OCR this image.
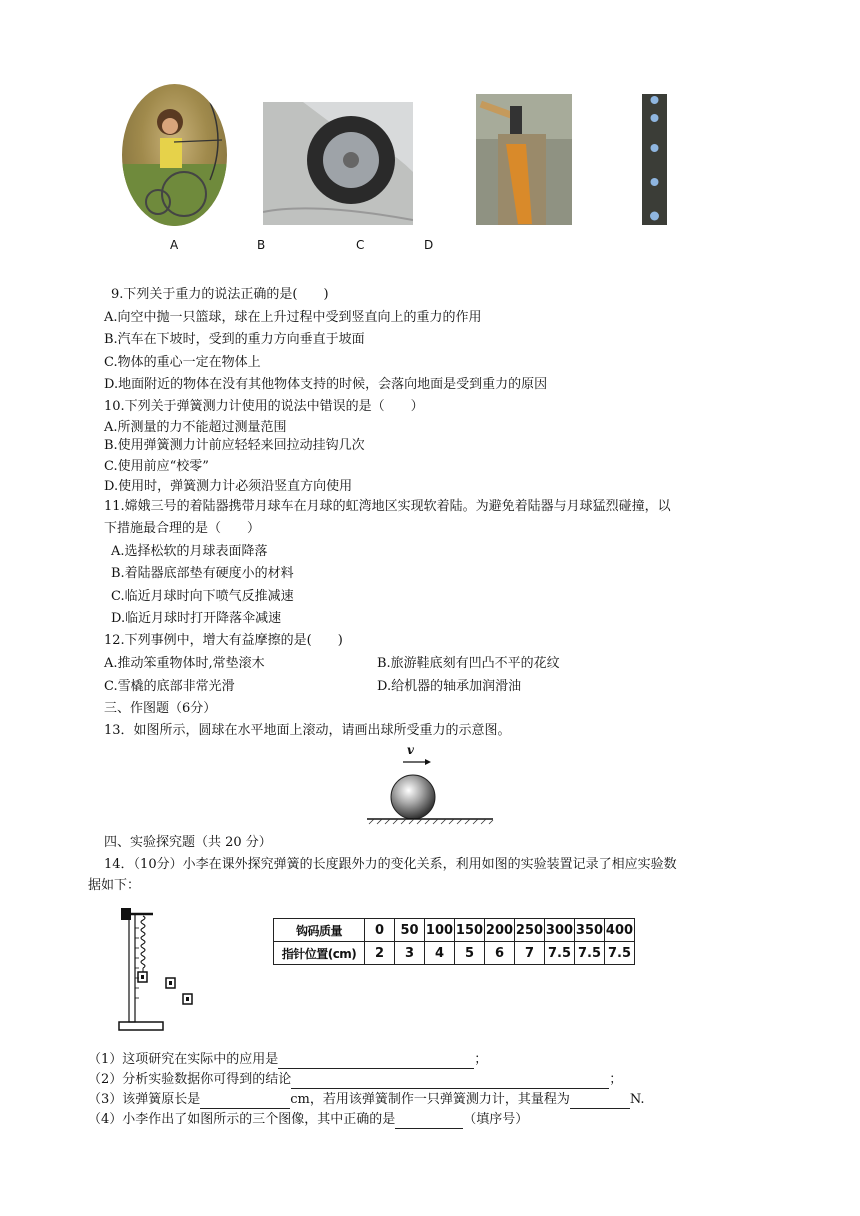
A	B	C	D
9.下列关于重力的说法正确的是(　　)
A.向空中抛一只篮球，球在上升过程中受到竖直向上的重力的作用
B.汽车在下坡时，受到的重力方向垂直于坡面
C.物体的重心一定在物体上
D.地面附近的物体在没有其他物体支持的时候，会落向地面是受到重力的原因
10.下列关于弹簧测力计使用的说法中错误的是（　　）
A.所测量的力不能超过测量范围
B.使用弹簧测力计前应轻轻来回拉动挂钩几次
C.使用前应“校零”
D.使用时，弹簧测力计必须沿竖直方向使用
11.嫦娥三号的着陆器携带月球车在月球的虹湾地区实现软着陆。为避免着陆器与月球猛烈碰撞，以
下措施最合理的是（　　）
A.选择松软的月球表面降落
B.着陆器底部垫有硬度小的材料
C.临近月球时向下喷气反推减速
D.临近月球时打开降落伞减速
12.下列事例中，增大有益摩擦的是(　　)
A.推动笨重物体时,常垫滚木	B.旅游鞋底刻有凹凸不平的花纹
C.雪橇的底部非常光滑	D.给机器的轴承加润滑油
三、作图题（6分）
13．如图所示，圆球在水平地面上滚动，请画出球所受重力的示意图。
v
四、实验探究题（共 20 分）
14．（10分）小李在课外探究弹簧的长度跟外力的变化关系，利用如图的实验装置记录了相应实验数
据如下：
钩码质量	0	50	100	150	200	250	300	350	400
指针位置(cm)	2	3	4	5	6	7	7.5	7.5	7.5
（1）这项研究在实际中的应用是	；
（2）分析实验数据你可得到的结论	；
（3）该弹簧原长是	cm，若用该弹簧制作一只弹簧测力计，其量程为	N.
（4）小李作出了如图所示的三个图像，其中正确的是	（填序号）
